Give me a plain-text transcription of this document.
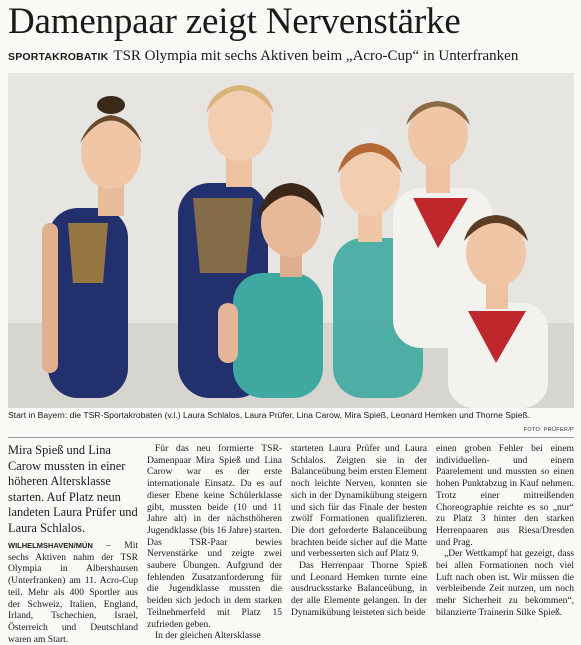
Damenpaar zeigt Nervenstärke
SPORTAKROBATIK TSR Olympia mit sechs Aktiven beim „Acro-Cup“ in Unterfranken
Start in Bayern: die TSR-Sportakrobaten (v.l.) Laura Schlalos, Laura Prüfer, Lina Carow, Mira Spieß, Leonard Hemken und Thorne Spieß.
FOTO: PRÜFER/P

Mira Spieß und Lina Carow mussten in einer höheren Altersklasse starten. Auf Platz neun landeten Laura Prüfer und Laura Schlalos.

WILHELMSHAVEN/MÜN – Mit sechs Aktiven nahm der TSR Olympia in Albershausen (Unterfranken) am 11. Acro-Cup teil. Mehr als 400 Sportler aus der Schweiz, Italien, England, Irland, Tschechien, Israel, Österreich und Deutschland waren am Start.

Für das neu formierte TSR-Damenpaar Mira Spieß und Lina Carow war es der erste internationale Einsatz. Da es auf dieser Ebene keine Schülerklasse gibt, mussten beide (10 und 11 Jahre alt) in der nächsthöheren Jugendklasse (bis 16 Jahre) starten. Das TSR-Paar bewies Nervenstärke und zeigte zwei saubere Übungen. Aufgrund der fehlenden Zusatzanforderung für die Jugendklasse mussten die beiden sich jedoch in dem starken Teilnehmerfeld mit Platz 15 zufrieden geben.

In der gleichen Altersklasse

starteten Laura Prüfer und Laura Schlalos. Zeigten sie in der Balanceübung beim ersten Element noch leichte Nerven, konnten sie sich in der Dynamikübung steigern und sich für das Finale der besten zwölf Formationen qualifizieren. Die dort geforderte Balanceübung brachten beide sicher auf die Matte und verbesserten sich auf Platz 9.

Das Herrenpaar Thorne Spieß und Leonard Hemken turnte eine ausdrucksstarke Balanceübung, in der alle Elemente gelangen. In der Dynamikübung leisteten sich beide

einen groben Fehler bei einem individuellen- und einem Paarelement und mussten so einen hohen Punktabzug in Kauf nehmen. Trotz einer mitreißenden Choreographie reichte es so „nur“ zu Platz 3 hinter den starken Herrenpaaren aus Riesa/Dresden und Prag.

„Der Wettkampf hat gezeigt, dass bei allen Formationen noch viel Luft nach oben ist. Wir müssen die verbleibende Zeit nutzen, um noch mehr Sicherheit zu bekommen“, bilanzierte Trainerin Silke Spieß.
